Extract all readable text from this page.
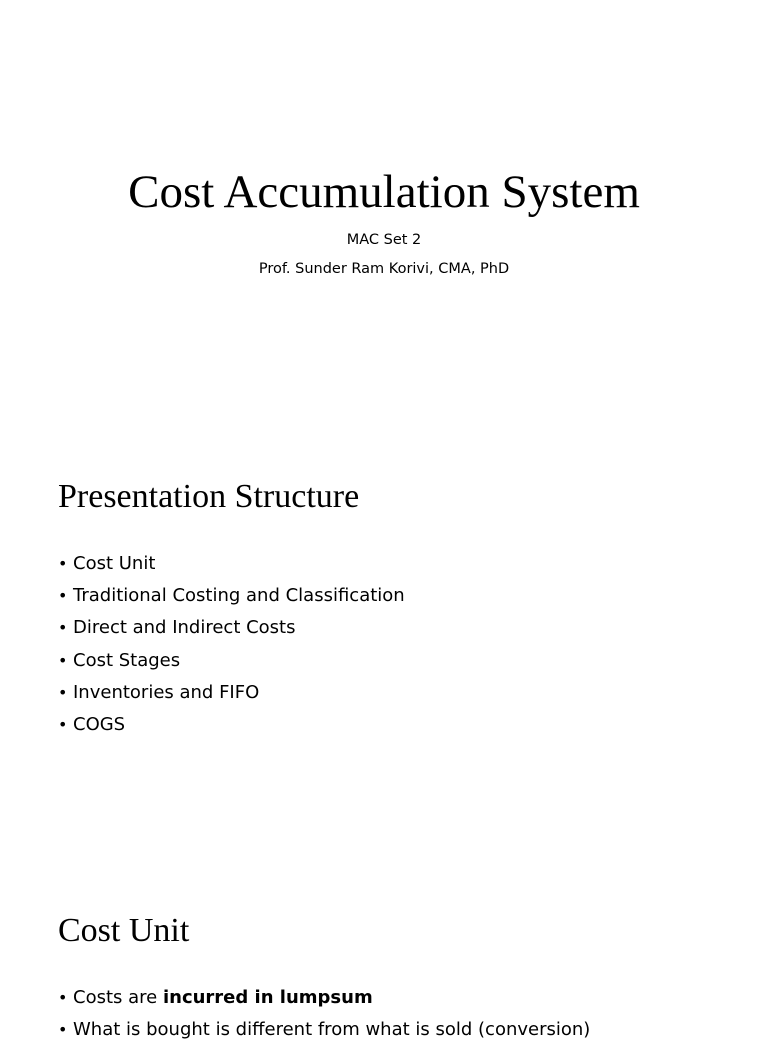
Cost Accumulation System

MAC Set 2

Prof. Sunder Ram Korivi, CMA, PhD

Presentation Structure
• Cost Unit
• Traditional Costing and Classification
• Direct and Indirect Costs
• Cost Stages
• Inventories and FIFO
• COGS
Cost Unit
• Costs are incurred in lumpsum
• What is bought is different from what is sold (conversion)
